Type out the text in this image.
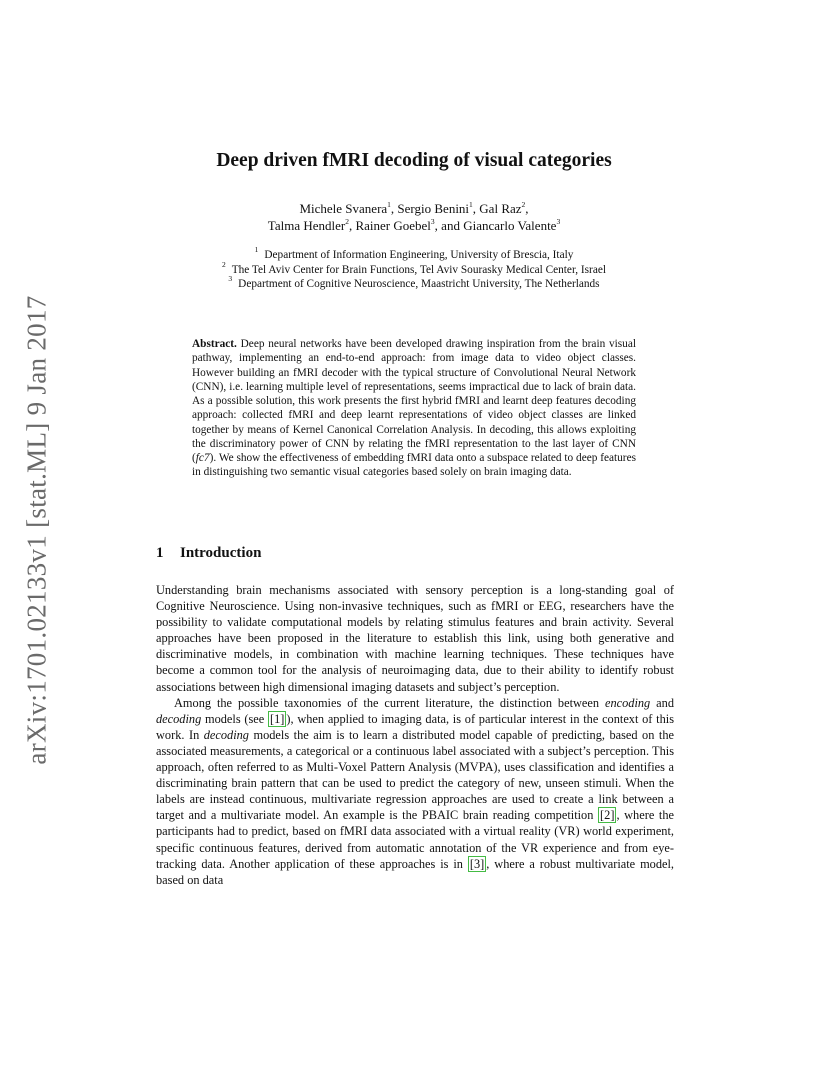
arXiv:1701.02133v1 [stat.ML] 9 Jan 2017
Deep driven fMRI decoding of visual categories
Michele Svanera$^1$, Sergio Benini$^1$, Gal Raz$^2$,
Talma Hendler$^2$, Rainer Goebel$^3$, and Giancarlo Valente$^3$
$^1$ Department of Information Engineering, University of Brescia, Italy
$^2$ The Tel Aviv Center for Brain Functions, Tel Aviv Sourasky Medical Center, Israel
$^3$ Department of Cognitive Neuroscience, Maastricht University, The Netherlands
Abstract. Deep neural networks have been developed drawing inspiration from the brain visual pathway, implementing an end-to-end approach: from image data to video object classes. However building an fMRI decoder with the typical structure of Convolutional Neural Network (CNN), i.e. learning multiple level of representations, seems impractical due to lack of brain data. As a possible solution, this work presents the first hybrid fMRI and learnt deep features decoding approach: collected fMRI and deep learnt representations of video object classes are linked together by means of Kernel Canonical Correlation Analysis. In decoding, this allows exploiting the discriminatory power of CNN by relating the fMRI representation to the last layer of CNN (fc7). We show the effectiveness of embedding fMRI data onto a subspace related to deep features in distinguishing two semantic visual categories based solely on brain imaging data.
1 Introduction

Understanding brain mechanisms associated with sensory perception is a long-standing goal of Cognitive Neuroscience. Using non-invasive techniques, such as fMRI or EEG, researchers have the possibility to validate computational models by relating stimulus features and brain activity. Several approaches have been proposed in the literature to establish this link, using both generative and discriminative models, in combination with machine learning techniques. These techniques have become a common tool for the analysis of neuroimaging data, due to their ability to identify robust associations between high dimensional imaging datasets and subject’s perception.

Among the possible taxonomies of the current literature, the distinction between encoding and decoding models (see [1] ), when applied to imaging data, is of particular interest in the context of this work. In decoding models the aim is to learn a distributed model capable of predicting, based on the associated measurements, a categorical or a continuous label associated with a subject’s perception. This approach, often referred to as Multi-Voxel Pattern Analysis (MVPA), uses classification and identifies a discriminating brain pattern that can be used to predict the category of new, unseen stimuli. When the labels are instead continuous, multivariate regression approaches are used to create a link between a target and a multivariate model. An example is the PBAIC brain reading competition [2] , where the participants had to predict, based on fMRI data associated with a virtual reality (VR) world experiment, specific continuous features, derived from automatic annotation of the VR experience and from eye-tracking data. Another application of these approaches is in [3] , where a robust multivariate model, based on data
